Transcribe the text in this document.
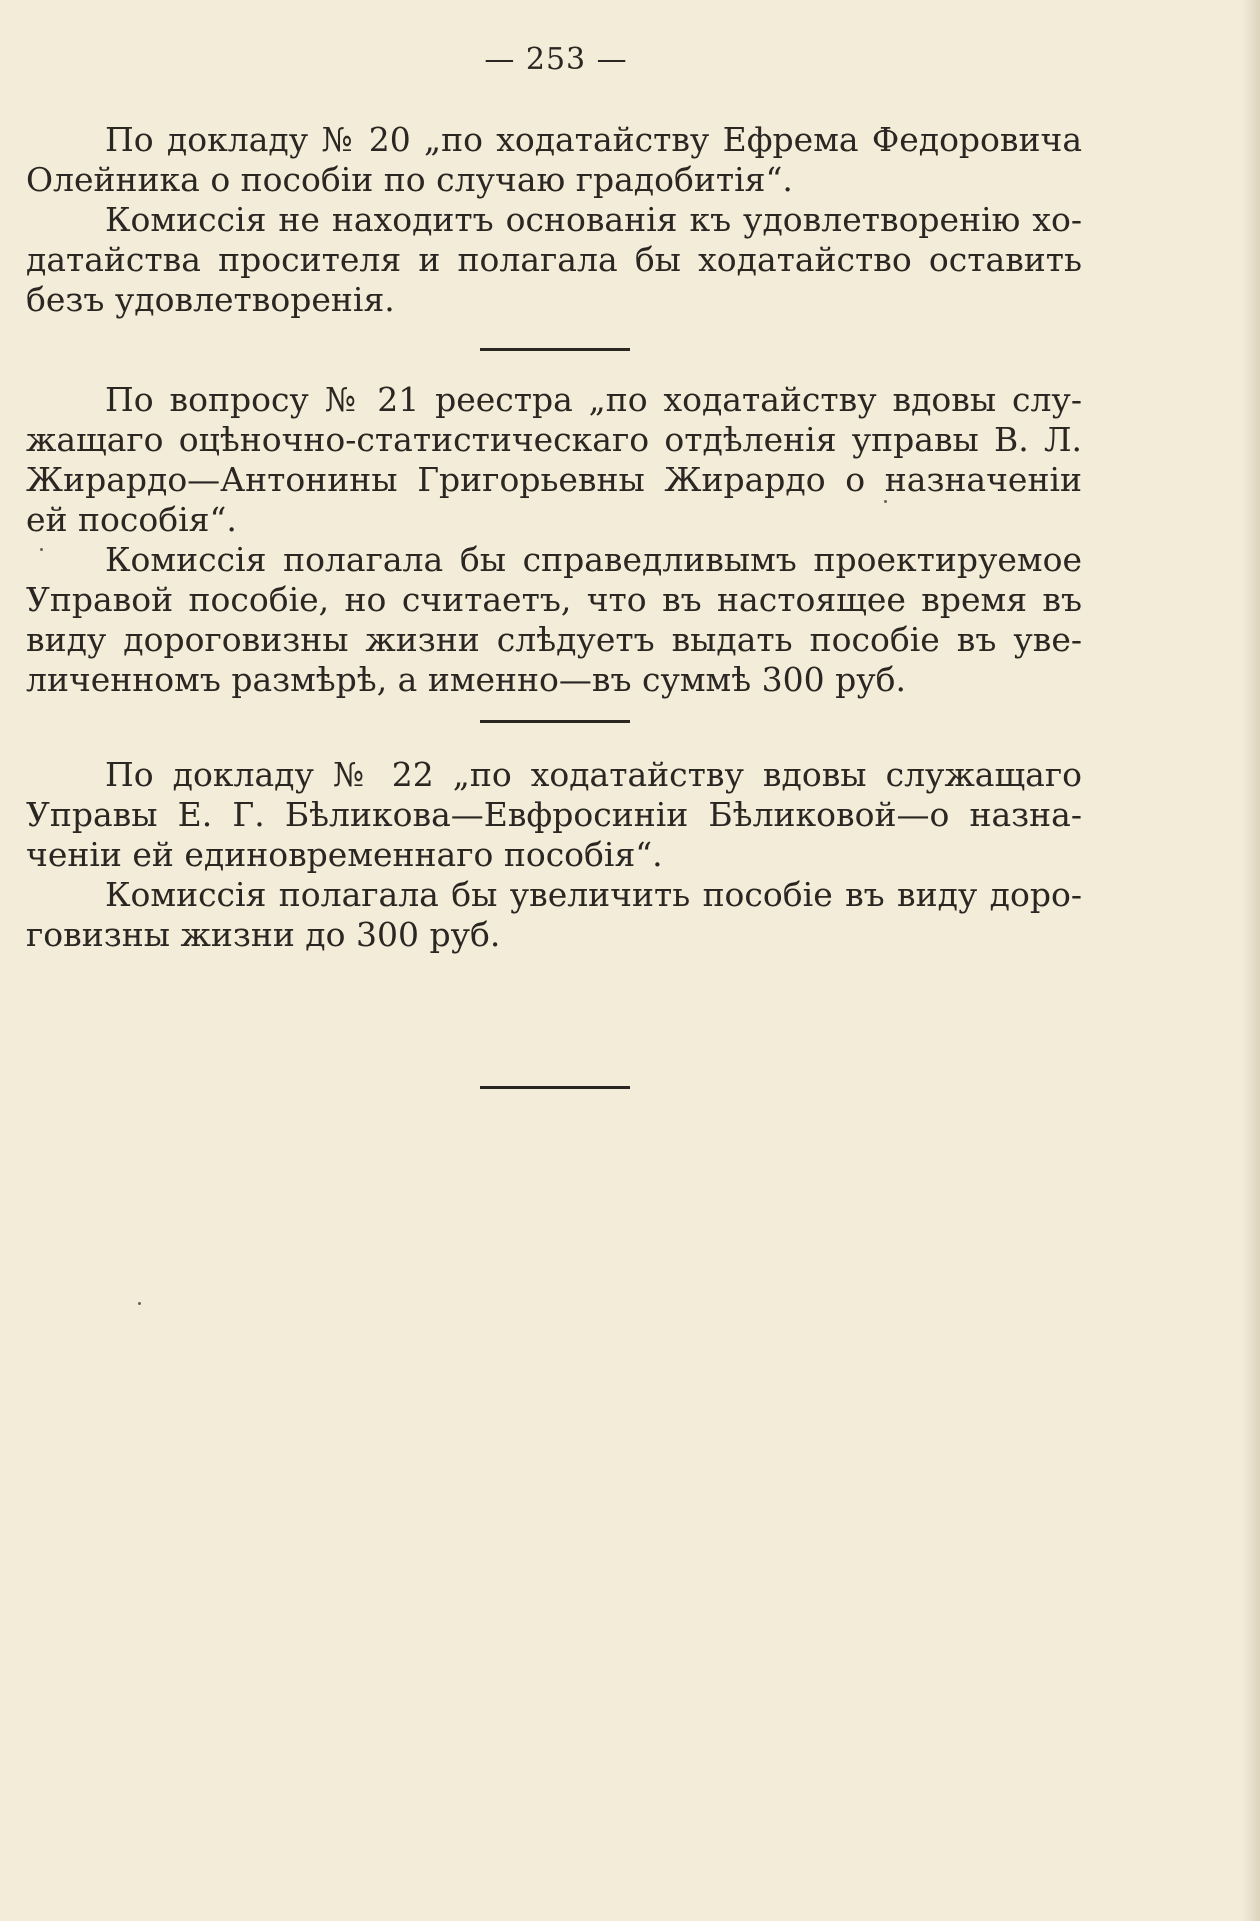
— 253 —
По докладу № 20 „по ходатайству Ефрема Федоровича
Олейника о пособіи по случаю градобитія“.
Комиссія не находитъ основанія къ удовлетворенію хо-
датайства просителя и полагала бы ходатайство оставить
безъ удовлетворенія.
По вопросу № 21 реестра „по ходатайству вдовы слу-
жащаго оцѣночно-статистическаго отдѣленія управы В. Л.
Жирардо—Антонины Григорьевны Жирардо о назначеніи
ей пособія“.
Комиссія полагала бы справедливымъ проектируемое
Управой пособіе, но считаетъ, что въ настоящее время въ
виду дороговизны жизни слѣдуетъ выдать пособіе въ уве-
личенномъ размѣрѣ, а именно—въ суммѣ 300 руб.
По докладу № 22 „по ходатайству вдовы служащаго
Управы Е. Г. Бѣликова—Евфросиніи Бѣликовой—о назна-
ченіи ей единовременнаго пособія“.
Комиссія полагала бы увеличить пособіе въ виду доро-
говизны жизни до 300 руб.
